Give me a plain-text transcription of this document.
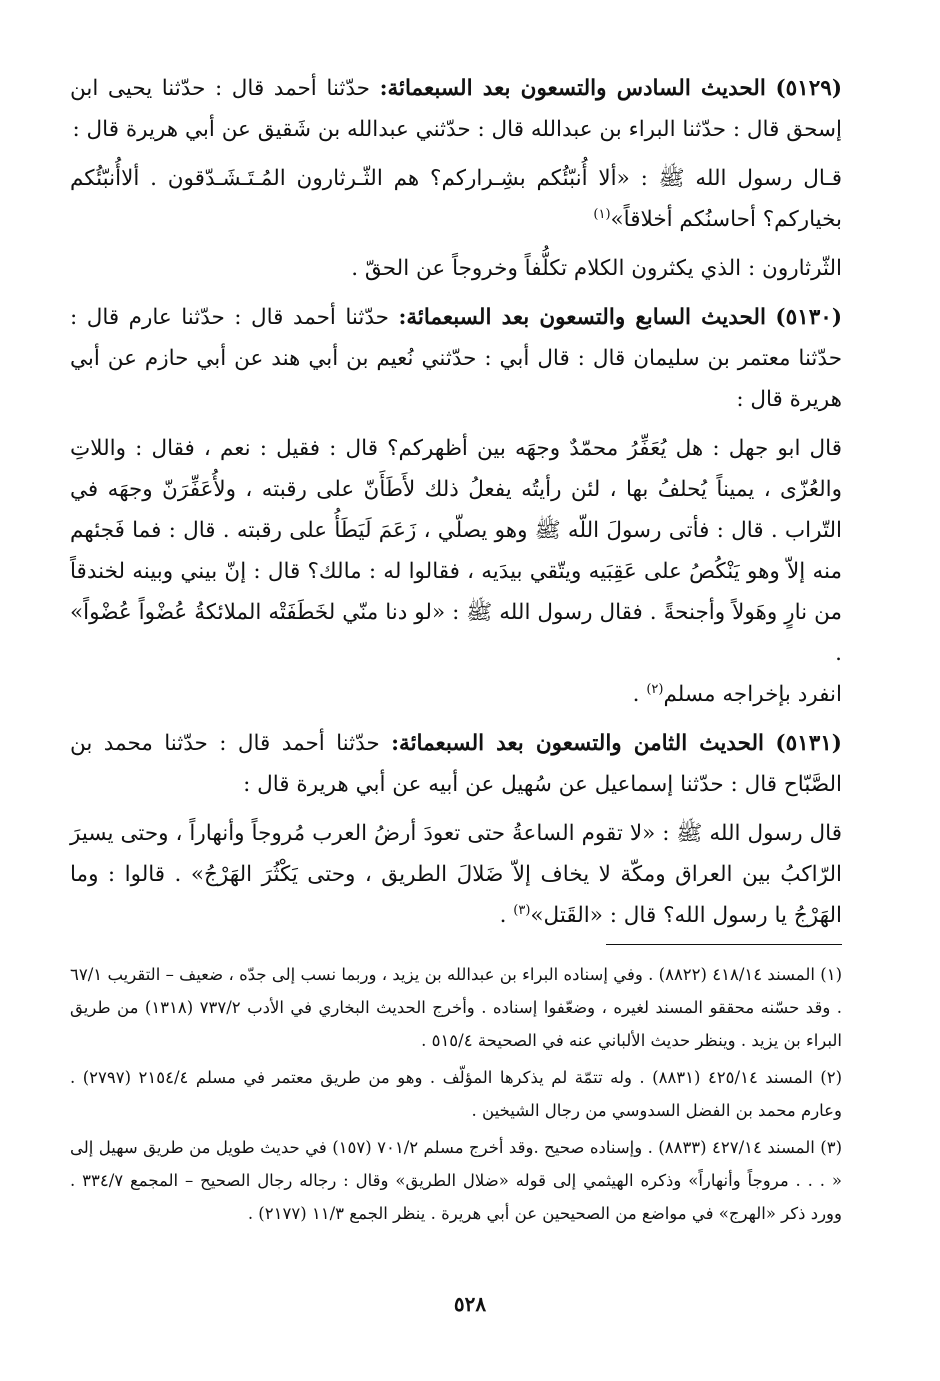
(٥١٢٩) الحديث السادس والتسعون بعد السبعمائة: حدّثنا أحمد قال : حدّثنا يحيى ابن إسحق قال : حدّثنا البراء بن عبدالله قال : حدّثني عبدالله بن شَقيق عن أبي هريرة قال :

قـال رسول الله ﷺ : «ألا أُنبّئُكم بشِـراركم؟ هم الثّـرثارون المُـتَـشَـدّقون . ألاأُنبّئُكم بخياركم؟ أحاسنُكم أخلاقاً»$^{(١)}$

الثّرثارون : الذي يكثرون الكلام تكلُّفاً وخروجاً عن الحقّ .

(٥١٣٠) الحديث السابع والتسعون بعد السبعمائة: حدّثنا أحمد قال : حدّثنا عارم قال : حدّثنا معتمر بن سليمان قال : قال أبي : حدّثني نُعيم بن أبي هند عن أبي حازم عن أبي هريرة قال :

قال ابو جهل : هل يُعَفِّرُ محمّدٌ وجهَه بين أظهركم؟ قال : فقيل : نعم ، فقال : واللاتِ والعُزّى ، يميناً يُحلفُ بها ، لئن رأيتُه يفعلُ ذلك لأَطَأَنّ على رقبته ، ولأُعَفِّرَنّ وجهَه في التّراب . قال : فأتى رسولَ اللّه ﷺ وهو يصلّي ، زَعَمَ لَيَطَأُ على رقبته . قال : فما فَجئهم منه إلاّ وهو يَنْكُصُ على عَقِبَيه ويتّقي بيدَيه ، فقالوا له : مالك؟ قال : إنّ بيني وبينه لخندقاً من نارٍ وهَولاً وأجنحةً . فقال رسول الله ﷺ : «لو دنا منّي لخَطَفَتْه الملائكةُ عُضْواً عُضْواً» .

انفرد بإخراجه مسلم$^{(٢)}$ .

(٥١٣١) الحديث الثامن والتسعون بعد السبعمائة: حدّثنا أحمد قال : حدّثنا محمد بن الصَّبّاح قال : حدّثنا إسماعيل عن سُهيل عن أبيه عن أبي هريرة قال :

قال رسول الله ﷺ : «لا تقوم الساعةُ حتى تعودَ أرضُ العرب مُروجاً وأنهاراً ، وحتى يسيرَ الرّاكبُ بين العراق ومكّة لا يخاف إلاّ ضَلالَ الطريق ، وحتى يَكْثُرَ الهَرْجُ» . قالوا : وما الهَرْجُ يا رسول الله؟ قال : «القَتل»$^{(٣)}$ .

(١) المسند ٤١٨/١٤ (٨٨٢٢) . وفي إسناده البراء بن عبدالله بن يزيد ، وربما نسب إلى جدّه ، ضعيف – التقريب ٦٧/١ . وقد حسّنه محققو المسند لغيره ، وضعّفوا إسناده . وأخرج الحديث البخاري في الأدب ٧٣٧/٢ (١٣١٨) من طريق البراء بن يزيد . وينظر حديث الألباني عنه في الصحيحة ٥١٥/٤ .

(٢) المسند ٤٢٥/١٤ (٨٨٣١) . وله تتمّة لم يذكرها المؤلّف . وهو من طريق معتمر في مسلم ٢١٥٤/٤ (٢٧٩٧) . وعارم محمد بن الفضل السدوسي من رجال الشيخين .

(٣) المسند ٤٢٧/١٤ (٨٨٣٣) . وإسناده صحيح .وقد أخرج مسلم ٧٠١/٢ (١٥٧) في حديث طويل من طريق سهيل إلى « . . . مروجاً وأنهاراً» وذكره الهيثمي إلى قوله «ضلال الطريق» وقال : رجاله رجال الصحيح – المجمع ٣٣٤/٧ . وورد ذكر «الهرج» في مواضع من الصحيحين عن أبي هريرة . ينظر الجمع ١١/٣ (٢١٧٧) .

٥٢٨
